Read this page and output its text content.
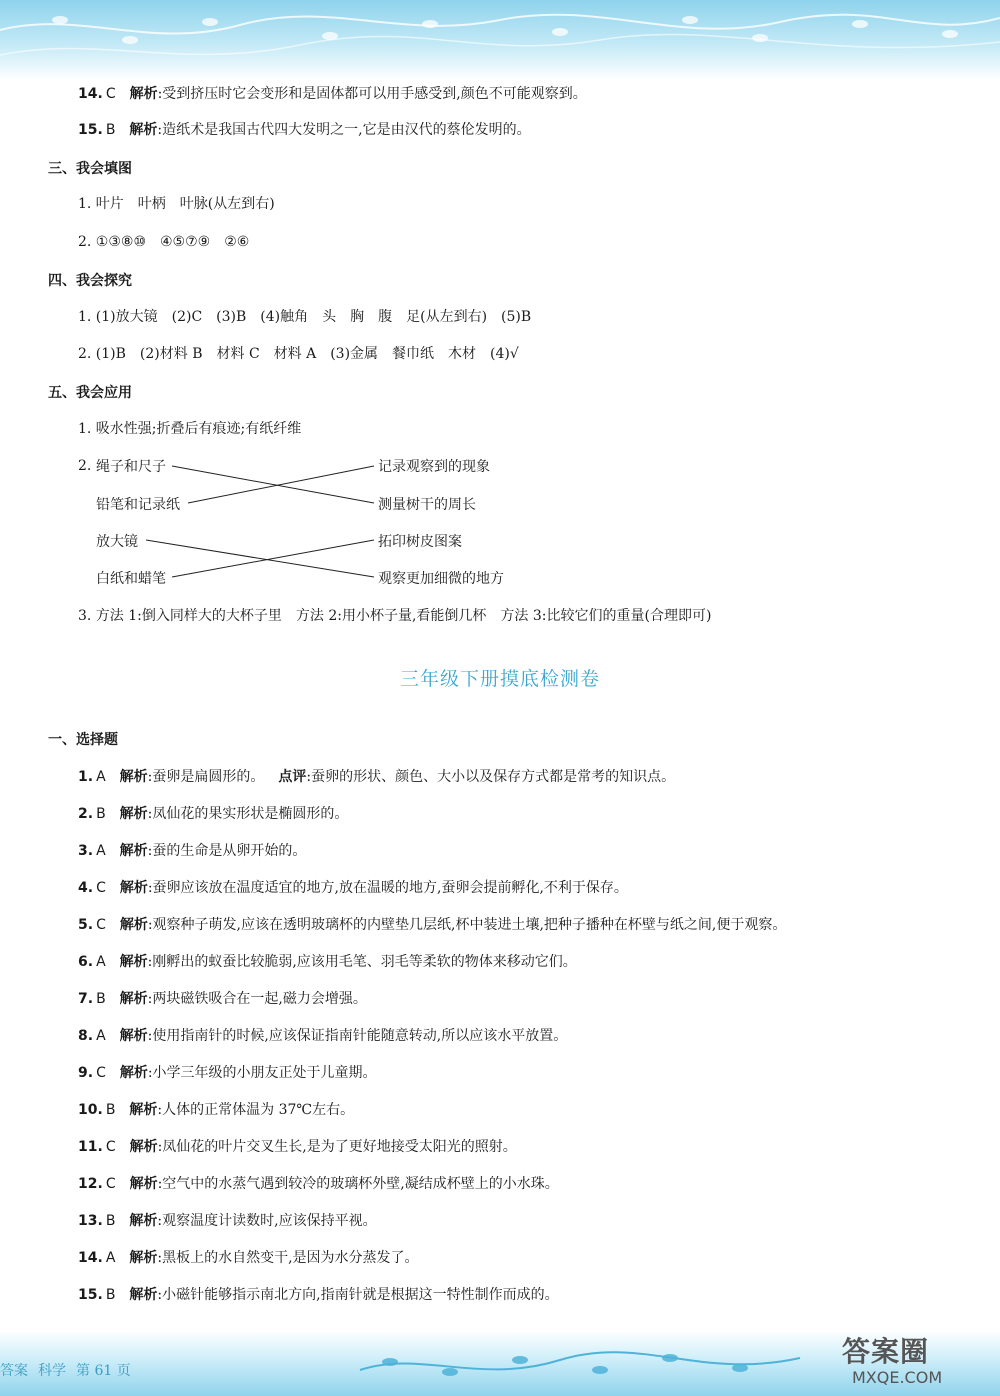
14. C 解析:受到挤压时它会变形和是固体都可以用手感受到,颜色不可能观察到。
15. B 解析:造纸术是我国古代四大发明之一,它是由汉代的蔡伦发明的。
三、我会填图
1. 叶片　叶柄　叶脉(从左到右)
2. ①③⑧⑩　④⑤⑦⑨　②⑥
四、我会探究
1. (1)放大镜　(2)C　(3)B　(4)触角　头　胸　腹　足(从左到右)　(5)B
2. (1)B　(2)材料 B　材料 C　材料 A　(3)金属　餐巾纸　木材　(4)√
五、我会应用
1. 吸水性强;折叠后有痕迹;有纸纤维
2. 绳子和尺子
铅笔和记录纸
放大镜
白纸和蜡笔
记录观察到的现象
测量树干的周长
拓印树皮图案
观察更加细微的地方
3. 方法 1:倒入同样大的大杯子里　方法 2:用小杯子量,看能倒几杯　方法 3:比较它们的重量(合理即可)
三年级下册摸底检测卷
一、选择题
1. A 解析:蚕卵是扁圆形的。 点评:蚕卵的形状、颜色、大小以及保存方式都是常考的知识点。
2. B 解析:凤仙花的果实形状是椭圆形的。
3. A 解析:蚕的生命是从卵开始的。
4. C 解析:蚕卵应该放在温度适宜的地方,放在温暖的地方,蚕卵会提前孵化,不利于保存。
5. C 解析:观察种子萌发,应该在透明玻璃杯的内壁垫几层纸,杯中装进土壤,把种子播种在杯壁与纸之间,便于观察。
6. A 解析:刚孵出的蚁蚕比较脆弱,应该用毛笔、羽毛等柔软的物体来移动它们。
7. B 解析:两块磁铁吸合在一起,磁力会增强。
8. A 解析:使用指南针的时候,应该保证指南针能随意转动,所以应该水平放置。
9. C 解析:小学三年级的小朋友正处于儿童期。
10. B 解析:人体的正常体温为 37℃左右。
11. C 解析:凤仙花的叶片交叉生长,是为了更好地接受太阳光的照射。
12. C 解析:空气中的水蒸气遇到较冷的玻璃杯外壁,凝结成杯壁上的小水珠。
13. B 解析:观察温度计读数时,应该保持平视。
14. A 解析:黑板上的水自然变干,是因为水分蒸发了。
15. B 解析:小磁针能够指示南北方向,指南针就是根据这一特性制作而成的。
答案 科学 第 61 页
答案圈
MXQE.COM
